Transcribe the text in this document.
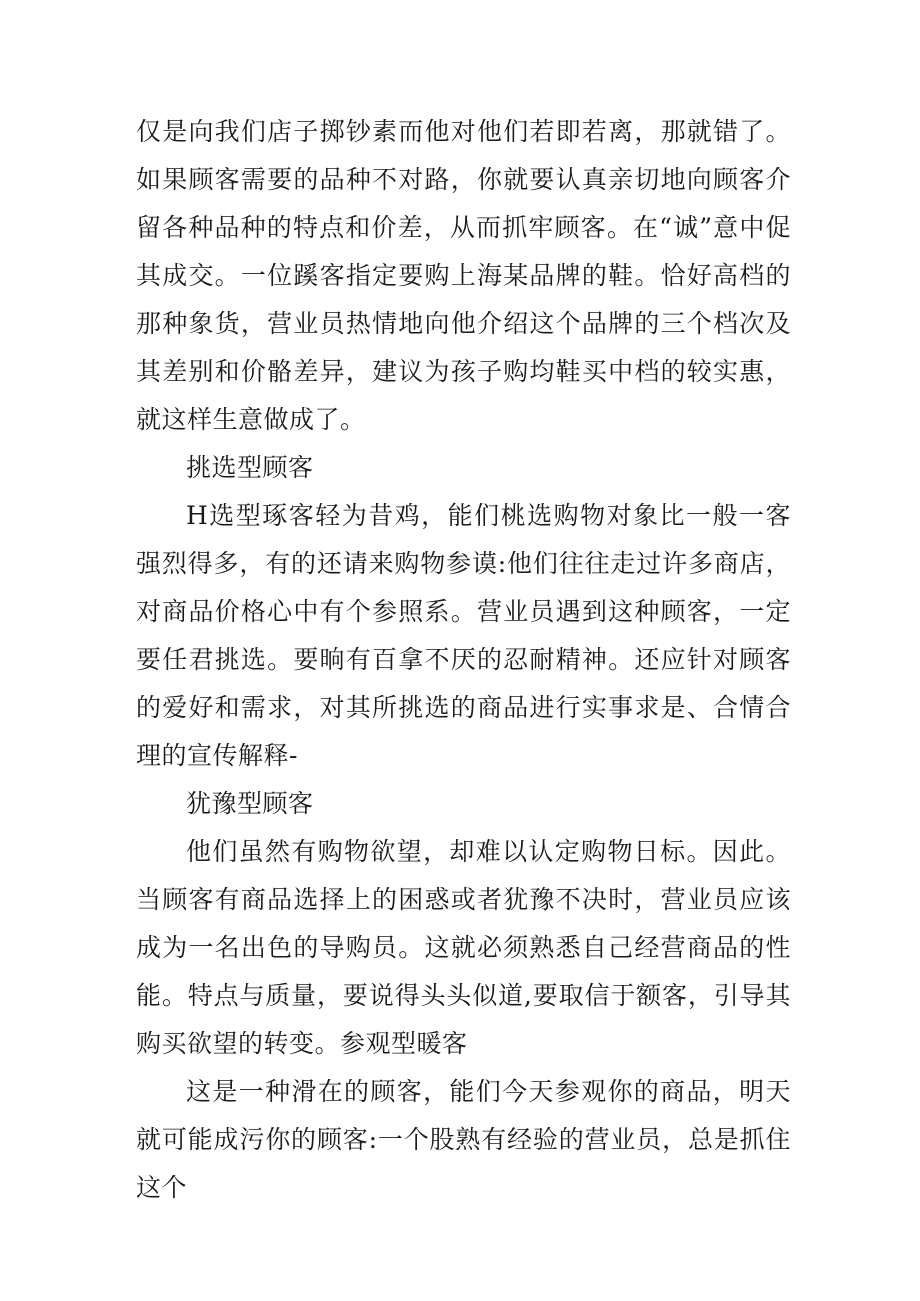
仅是向我们店子掷钞素而他对他们若即若离，那就错了。如果顾客需要的品种不对路，你就要认真亲切地向顾客介留各种品种的特点和价差，从而抓牢顾客。在“诚”意中促其成交。一位蹊客指定要购上海某品牌的鞋。恰好高档的那种象货，营业员热情地向他介绍这个品牌的三个档次及其差别和价骼差异，建议为孩子购均鞋买中档的较实惠，就这样生意做成了。

挑选型顾客

H选型琢客轻为昔鸡，能们桃选购物对象比一般一客强烈得多，有的还请来购物参谟:他们往往走过许多商店，对商品价格心中有个参照系。营业员遇到这种顾客，一定要任君挑选。要晌有百拿不厌的忍耐精神。还应针对顾客的爱好和需求，对其所挑选的商品进行实事求是、合情合理的宣传解释-

犹豫型顾客

他们虽然有购物欲望，却难以认定购物日标。因此。当顾客有商品选择上的困惑或者犹豫不决时，营业员应该成为一名出色的导购员。这就必须熟悉自己经营商品的性能。特点与质量，要说得头头似道,要取信于额客，引导其购买欲望的转变。参观型暖客

这是一种滑在的顾客，能们今天参观你的商品，明天就可能成污你的顾客:一个股熟有经验的营业员，总是抓住这个
